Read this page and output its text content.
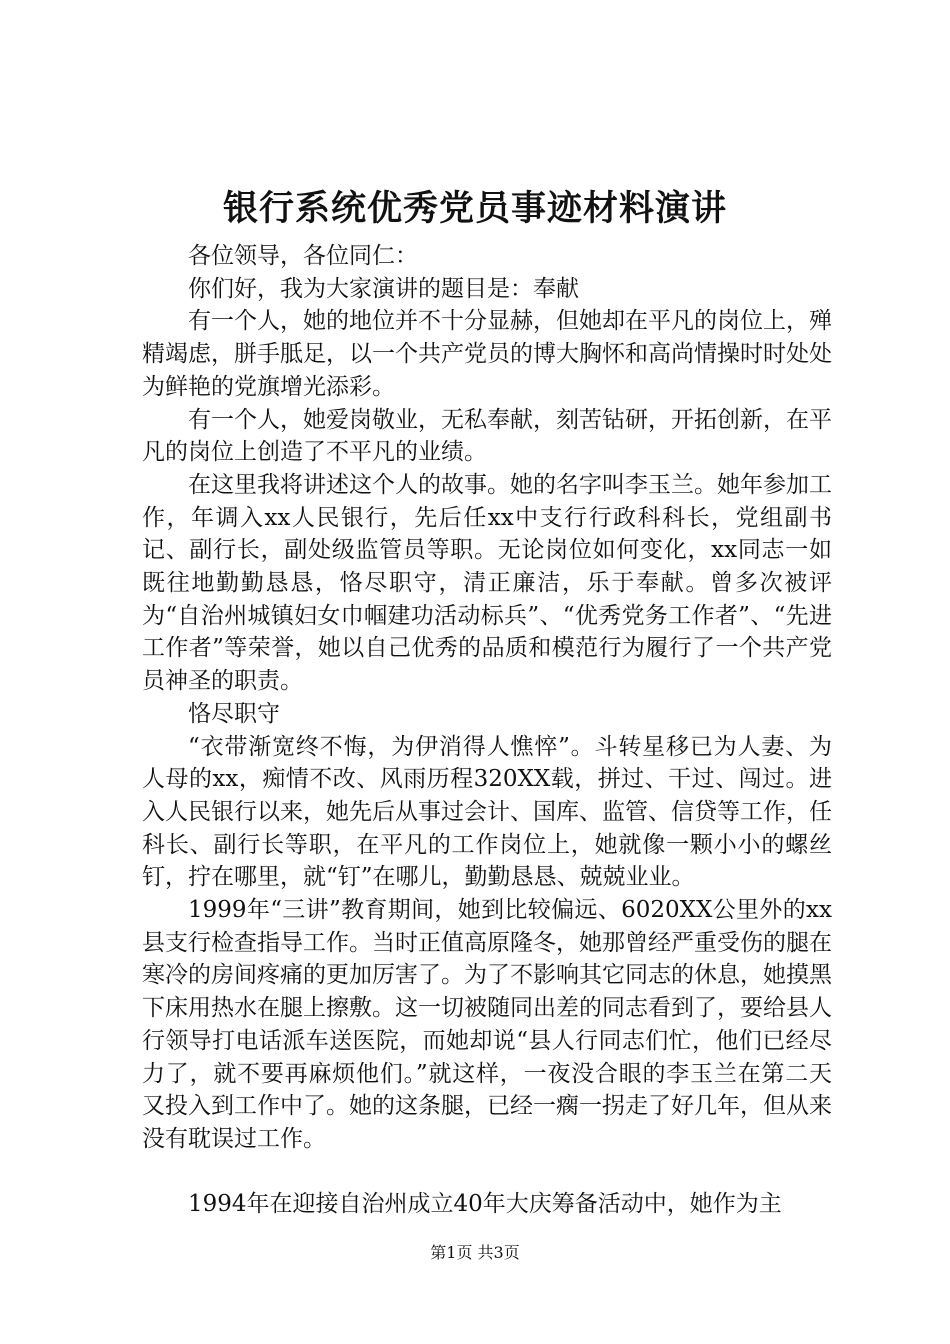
银行系统优秀党员事迹材料演讲

各位领导，各位同仁：

你们好，我为大家演讲的题目是：奉献

有一个人，她的地位并不十分显赫，但她却在平凡的岗位上，殚精竭虑，胼手胝足，以一个共产党员的博大胸怀和高尚情操时时处处为鲜艳的党旗增光添彩。

有一个人，她爱岗敬业，无私奉献，刻苦钻研，开拓创新，在平凡的岗位上创造了不平凡的业绩。

在这里我将讲述这个人的故事。她的名字叫李玉兰。她年参加工作，年调入xx人民银行，先后任xx中支行行政科科长，党组副书记、副行长，副处级监管员等职。无论岗位如何变化，xx同志一如既往地勤勤恳恳，恪尽职守，清正廉洁，乐于奉献。曾多次被评为“自治州城镇妇女巾帼建功活动标兵”、“优秀党务工作者”、“先进工作者”等荣誉，她以自己优秀的品质和模范行为履行了一个共产党员神圣的职责。

恪尽职守

“衣带渐宽终不悔，为伊消得人憔悴”。斗转星移已为人妻、为人母的xx，痴情不改、风雨历程320XX载，拼过、干过、闯过。进入人民银行以来，她先后从事过会计、国库、监管、信贷等工作，任科长、副行长等职，在平凡的工作岗位上，她就像一颗小小的螺丝钉，拧在哪里，就“钉”在哪儿，勤勤恳恳、兢兢业业。

1999年“三讲”教育期间，她到比较偏远、6020XX公里外的xx县支行检查指导工作。当时正值高原隆冬，她那曾经严重受伤的腿在寒冷的房间疼痛的更加厉害了。为了不影响其它同志的休息，她摸黑下床用热水在腿上擦敷。这一切被随同出差的同志看到了，要给县人行领导打电话派车送医院，而她却说“县人行同志们忙，他们已经尽力了，就不要再麻烦他们。”就这样，一夜没合眼的李玉兰在第二天又投入到工作中了。她的这条腿，已经一瘸一拐走了好几年，但从来没有耽误过工作。

1994年在迎接自治州成立40年大庆筹备活动中，她作为主

第1页 共3页
